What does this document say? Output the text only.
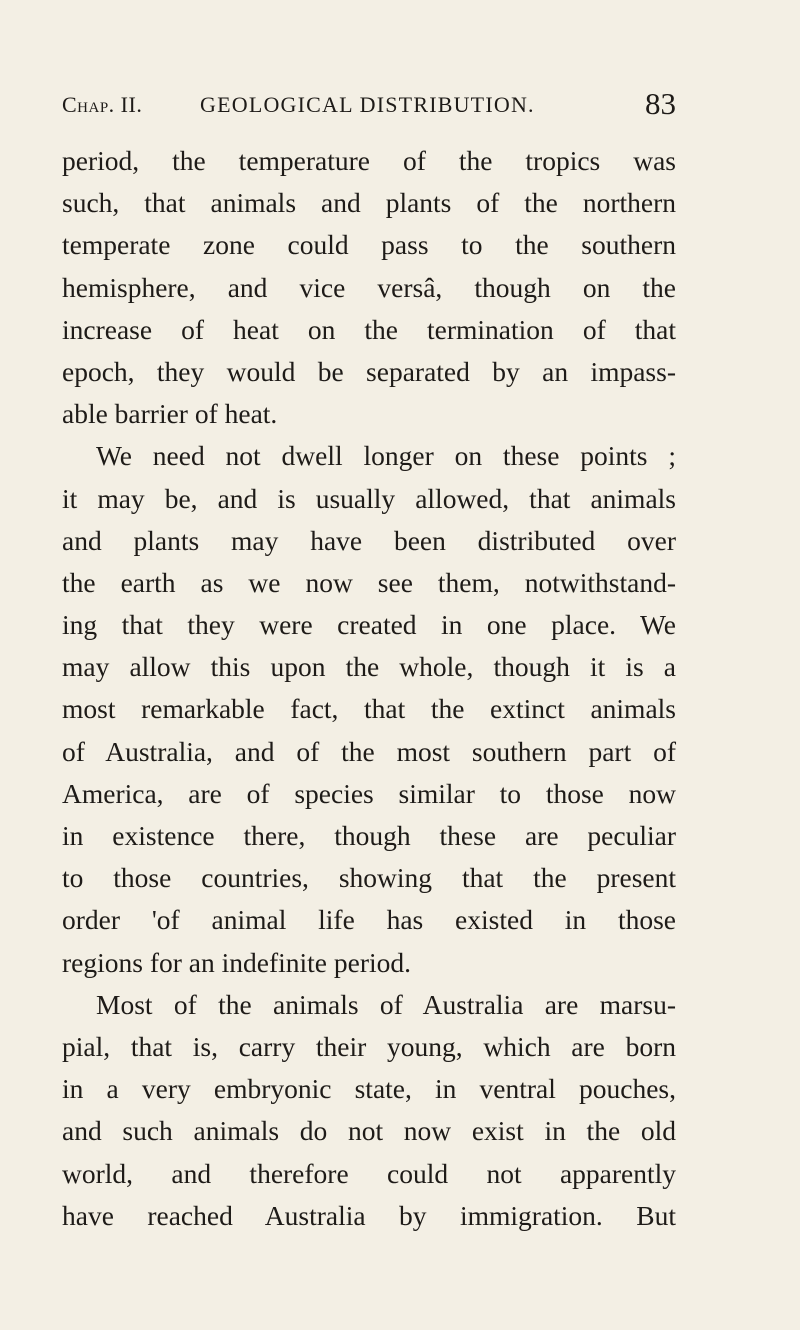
Chap. II.	GEOLOGICAL DISTRIBUTION.	83
period, the temperature of the tropics was
such, that animals and plants of the northern
temperate zone could pass to the southern
hemisphere, and vice versâ, though on the
increase of heat on the termination of that
epoch, they would be separated by an impass-
able barrier of heat.
We need not dwell longer on these points ;
it may be, and is usually allowed, that animals
and plants may have been distributed over
the earth as we now see them, notwithstand-
ing that they were created in one place. We
may allow this upon the whole, though it is a
most remarkable fact, that the extinct animals
of Australia, and of the most southern part of
America, are of species similar to those now
in existence there, though these are peculiar
to those countries, showing that the present
order 'of animal life has existed in those
regions for an indefinite period.
Most of the animals of Australia are marsu-
pial, that is, carry their young, which are born
in a very embryonic state, in ventral pouches,
and such animals do not now exist in the old
world, and therefore could not apparently
have reached Australia by immigration. But
